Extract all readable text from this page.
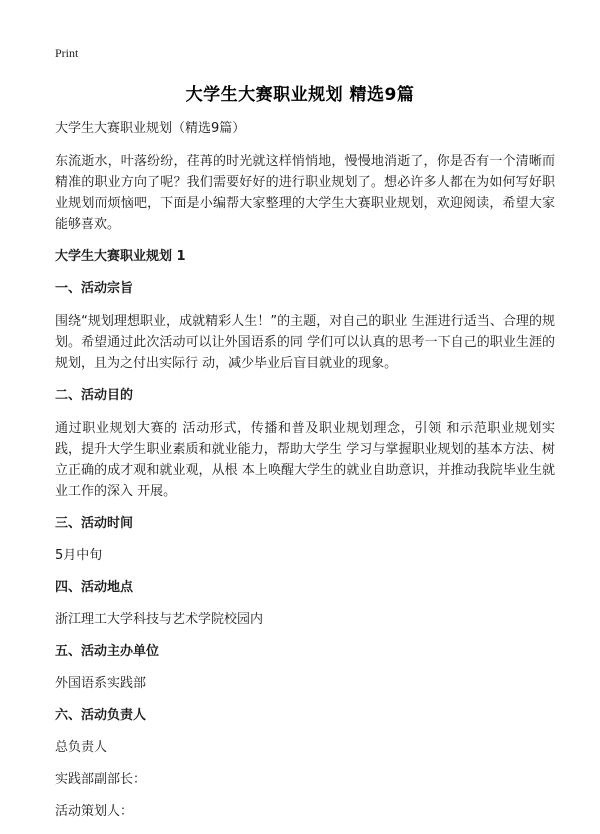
Print
大学生大赛职业规划 精选9篇

大学生大赛职业规划（精选9篇）

东流逝水，叶落纷纷，荏苒的时光就这样悄悄地，慢慢地消逝了，你是否有一个清晰而精准的职业方向了呢？我们需要好好的进行职业规划了。想必许多人都在为如何写好职业规划而烦恼吧，下面是小编帮大家整理的大学生大赛职业规划，欢迎阅读，希望大家能够喜欢。

大学生大赛职业规划 1

一、活动宗旨

围绕“规划理想职业，成就精彩人生！”的主题，对自己的职业 生涯进行适当、合理的规划。希望通过此次活动可以让外国语系的同 学们可以认真的思考一下自己的职业生涯的规划，且为之付出实际行 动，减少毕业后盲目就业的现象。

二、活动目的

通过职业规划大赛的 活动形式，传播和普及职业规划理念，引领 和示范职业规划实践，提升大学生职业素质和就业能力，帮助大学生 学习与掌握职业规划的基本方法、树立正确的成才观和就业观，从根 本上唤醒大学生的就业自助意识，并推动我院毕业生就业工作的深入 开展。

三、活动时间

5月中旬

四、活动地点

浙江理工大学科技与艺术学院校园内

五、活动主办单位

外国语系实践部

六、活动负责人

总负责人

实践部副部长：

活动策划人：
